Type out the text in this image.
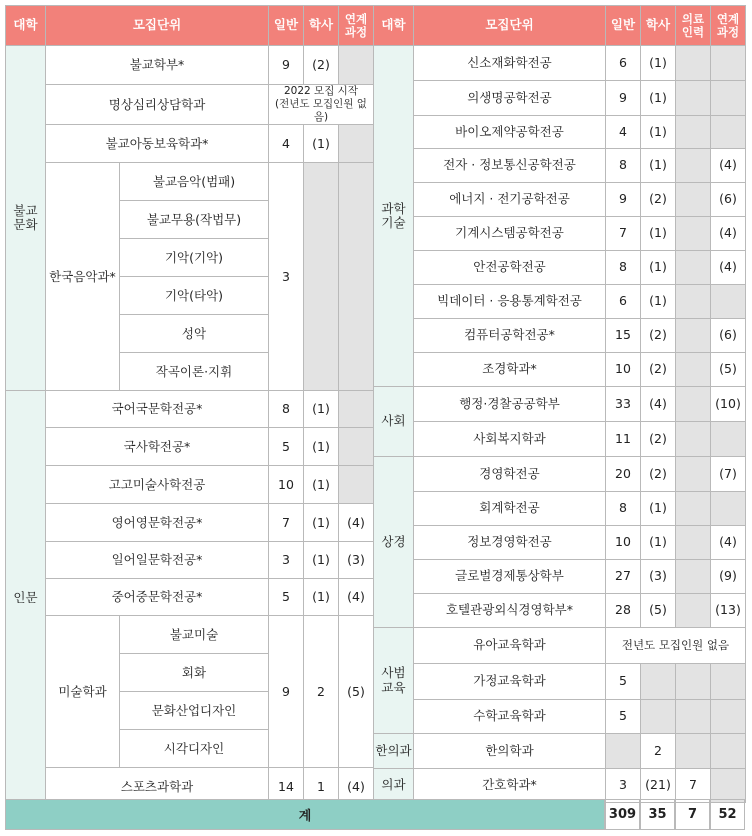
대학	모집단위		일반	학사	연계
과정
불교
문화	불교학부*		9	(2)	
	명상심리상담학과		2022 모집 시작
(전년도 모집인원 없음)		
	불교아동보육학과*		4	(1)	
	한국음악과*	불교음악(범패)	3		
		불교무용(작법무)			
		기악(기악)			
		기악(타악)			
		성악			
		작곡이론·지휘			
인문	국어국문학전공*		8	(1)	
	국사학전공*		5	(1)	
	고고미술사학전공		10	(1)	
	영어영문학전공*		7	(1)	(4)
	일어일문학전공*		3	(1)	(3)
	중어중문학전공*		5	(1)	(4)
	미술학과	불교미술	9	2	(5)
		회화			
		문화산업디자인			
		시각디자인			
	스포츠과학과		14	1	(4)
대학	모집단위	일반	학사	의료
인력	연계
과정
과학
기술	신소재화학전공	6	(1)		
	의생명공학전공	9	(1)		
	바이오제약공학전공	4	(1)		
	전자 · 정보통신공학전공	8	(1)		(4)
	에너지 · 전기공학전공	9	(2)		(6)
	기계시스템공학전공	7	(1)		(4)
	안전공학전공	8	(1)		(4)
	빅데이터 · 응용통계학전공	6	(1)		
	컴퓨터공학전공*	15	(2)		(6)
	조경학과*	10	(2)		(5)
사회	행정·경찰공공학부	33	(4)		(10)
	사회복지학과	11	(2)		
상경	경영학전공	20	(2)		(7)
	회계학전공	8	(1)		
	정보경영학전공	10	(1)		(4)
	글로벌경제통상학부	27	(3)		(9)
	호텔관광외식경영학부*	28	(5)		(13)
사범
교육	유아교육학과	전년도 모집인원 없음			
	가정교육학과	5			
	수학교육학과	5			
한의과	한의학과		2		
의과	간호학과*	3	(21)	7	
계	309 35	7	52
